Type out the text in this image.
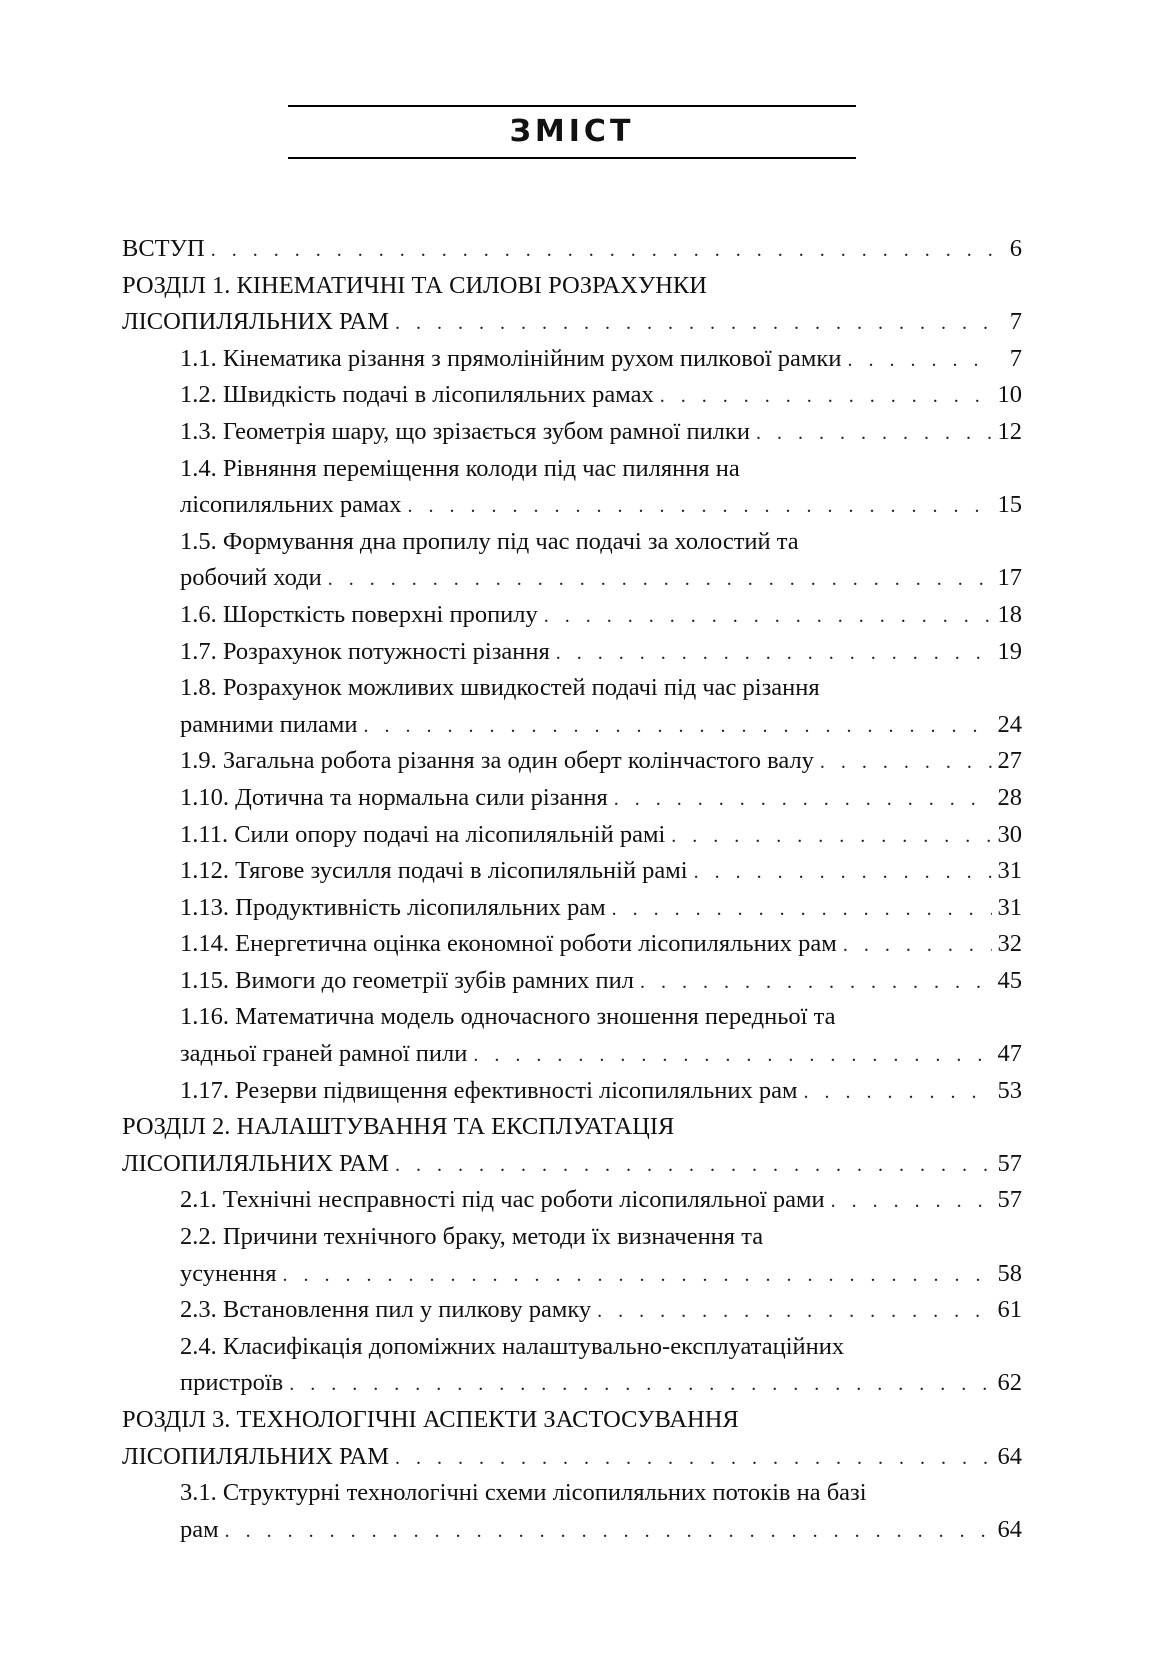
ЗМІСТ
ВСТУП . . .	6
РОЗДІЛ 1. КІНЕМАТИЧНІ ТА СИЛОВІ РОЗРАХУНКИ
ЛІСОПИЛЯЛЬНИХ РАМ . . .	7
1.1. Кінематика різання з прямолінійним рухом пилкової рамки . . .	7
1.2. Швидкість подачі в лісопиляльних рамах . . .	10
1.3. Геометрія шару, що зрізається зубом рамної пилки . . .	12
1.4. Рівняння переміщення колоди під час пиляння на
лісопиляльних рамах . . .	15
1.5. Формування дна пропилу під час подачі за холостий та
робочий ходи . . .	17
1.6. Шорсткість поверхні пропилу . . .	18
1.7. Розрахунок потужності різання . . .	19
1.8. Розрахунок можливих швидкостей подачі під час різання
рамними пилами . . .	24
1.9. Загальна робота різання за один оберт колінчастого валу . . .	27
1.10. Дотична та нормальна сили різання . . .	28
1.11. Сили опору подачі на лісопиляльній рамі . . .	30
1.12. Тягове зусилля подачі в лісопиляльній рамі . . .	31
1.13. Продуктивність лісопиляльних рам . . .	31
1.14. Енергетична оцінка економної роботи лісопиляльних рам . . .	32
1.15. Вимоги до геометрії зубів рамних пил . . .	45
1.16. Математична модель одночасного зношення передньої та
задньої граней рамної пили . . .	47
1.17. Резерви підвищення ефективності лісопиляльних рам . . .	53
РОЗДІЛ 2. НАЛАШТУВАННЯ ТА ЕКСПЛУАТАЦІЯ
ЛІСОПИЛЯЛЬНИХ РАМ . . .	57
2.1. Технічні несправності під час роботи лісопиляльної рами . . .	57
2.2. Причини технічного браку, методи їх визначення та
усунення . . .	58
2.3. Встановлення пил у пилкову рамку . . .	61
2.4. Класифікація допоміжних налаштувально-експлуатаційних
пристроїв . . .	62
РОЗДІЛ 3. ТЕХНОЛОГІЧНІ АСПЕКТИ ЗАСТОСУВАННЯ
ЛІСОПИЛЯЛЬНИХ РАМ . . .	64
3.1. Структурні технологічні схеми лісопиляльних потоків на базі
рам . . .	64
